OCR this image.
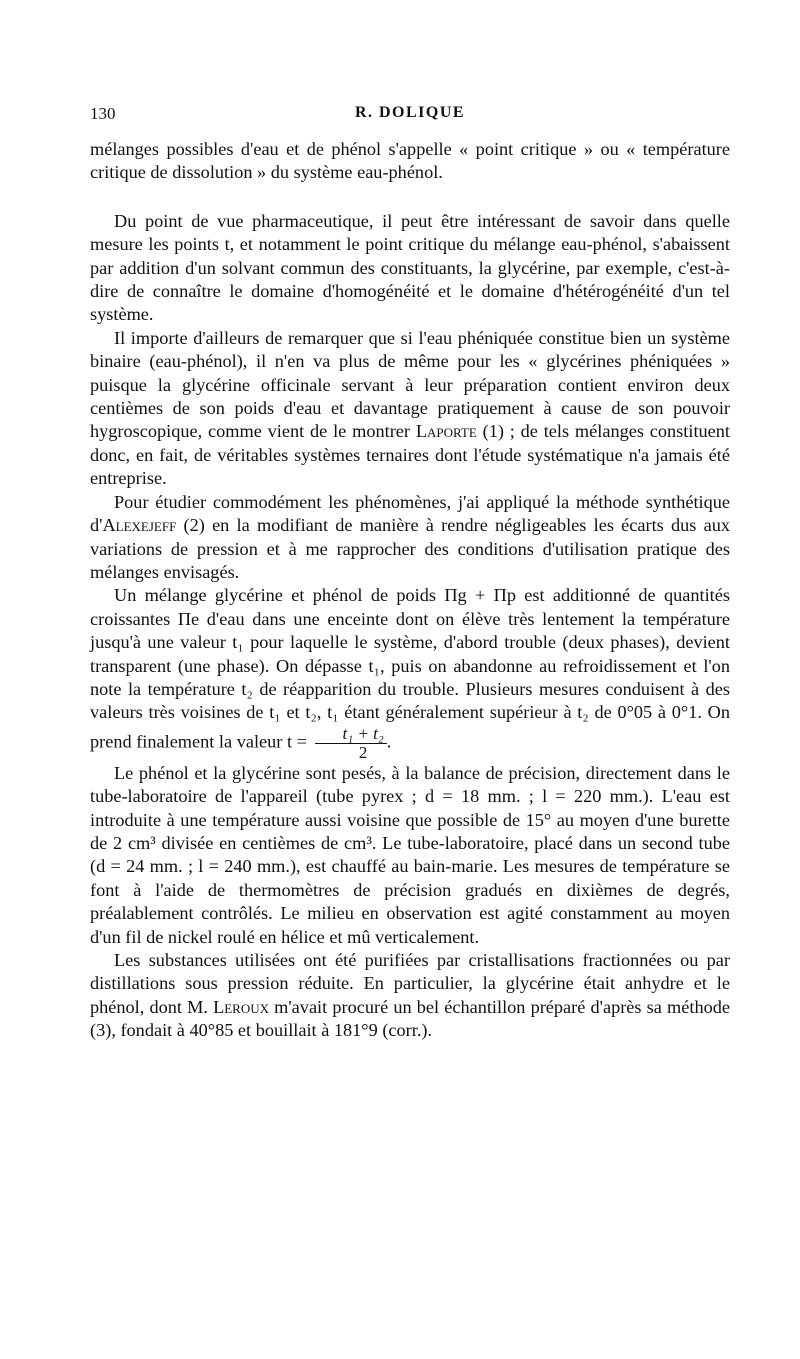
130	R. DOLIQUE

mélanges possibles d'eau et de phénol s'appelle « point critique » ou « température critique de dissolution » du système eau-phénol.

Du point de vue pharmaceutique, il peut être intéressant de savoir dans quelle mesure les points t, et notamment le point critique du mélange eau-phénol, s'abaissent par addition d'un solvant commun des constituants, la glycérine, par exemple, c'est-à-dire de connaître le domaine d'homogénéité et le domaine d'hétérogénéité d'un tel système.

Il importe d'ailleurs de remarquer que si l'eau phéniquée constitue bien un système binaire (eau-phénol), il n'en va plus de même pour les « glycérines phéniquées » puisque la glycérine officinale servant à leur préparation contient environ deux centièmes de son poids d'eau et davantage pratiquement à cause de son pouvoir hygroscopique, comme vient de le montrer Laporte (1) ; de tels mélanges constituent donc, en fait, de véritables systèmes ternaires dont l'étude systématique n'a jamais été entreprise.

Pour étudier commodément les phénomènes, j'ai appliqué la méthode synthétique d'Alexejeff (2) en la modifiant de manière à rendre négligeables les écarts dus aux variations de pression et à me rapprocher des conditions d'utilisation pratique des mélanges envisagés.

Un mélange glycérine et phénol de poids Πg + Πp est additionné de quantités croissantes Πe d'eau dans une enceinte dont on élève très lentement la température jusqu'à une valeur t₁ pour laquelle le système, d'abord trouble (deux phases), devient transparent (une phase). On dépasse t₁, puis on abandonne au refroidissement et l'on note la température t₂ de réapparition du trouble. Plusieurs mesures conduisent à des valeurs très voisines de t₁ et t₂, t₁ étant généralement supérieur à t₂ de 0°05 à 0°1. On prend finalement la valeur $t = \frac{\text{t₁ + t₂}}{2}$ .

Le phénol et la glycérine sont pesés, à la balance de précision, directement dans le tube-laboratoire de l'appareil (tube pyrex ; d = 18 mm. ; l = 220 mm.). L'eau est introduite à une température aussi voisine que possible de 15° au moyen d'une burette de 2 cm³ divisée en centièmes de cm³. Le tube-laboratoire, placé dans un second tube (d = 24 mm. ; l = 240 mm.), est chauffé au bain-marie. Les mesures de température se font à l'aide de thermomètres de précision gradués en dixièmes de degrés, préalablement contrôlés. Le milieu en observation est agité constamment au moyen d'un fil de nickel roulé en hélice et mû verticalement.

Les substances utilisées ont été purifiées par cristallisations fractionnées ou par distillations sous pression réduite. En particulier, la glycérine était anhydre et le phénol, dont M. Leroux m'avait procuré un bel échantillon préparé d'après sa méthode (3), fondait à 40°85 et bouillait à 181°9 (corr.).
